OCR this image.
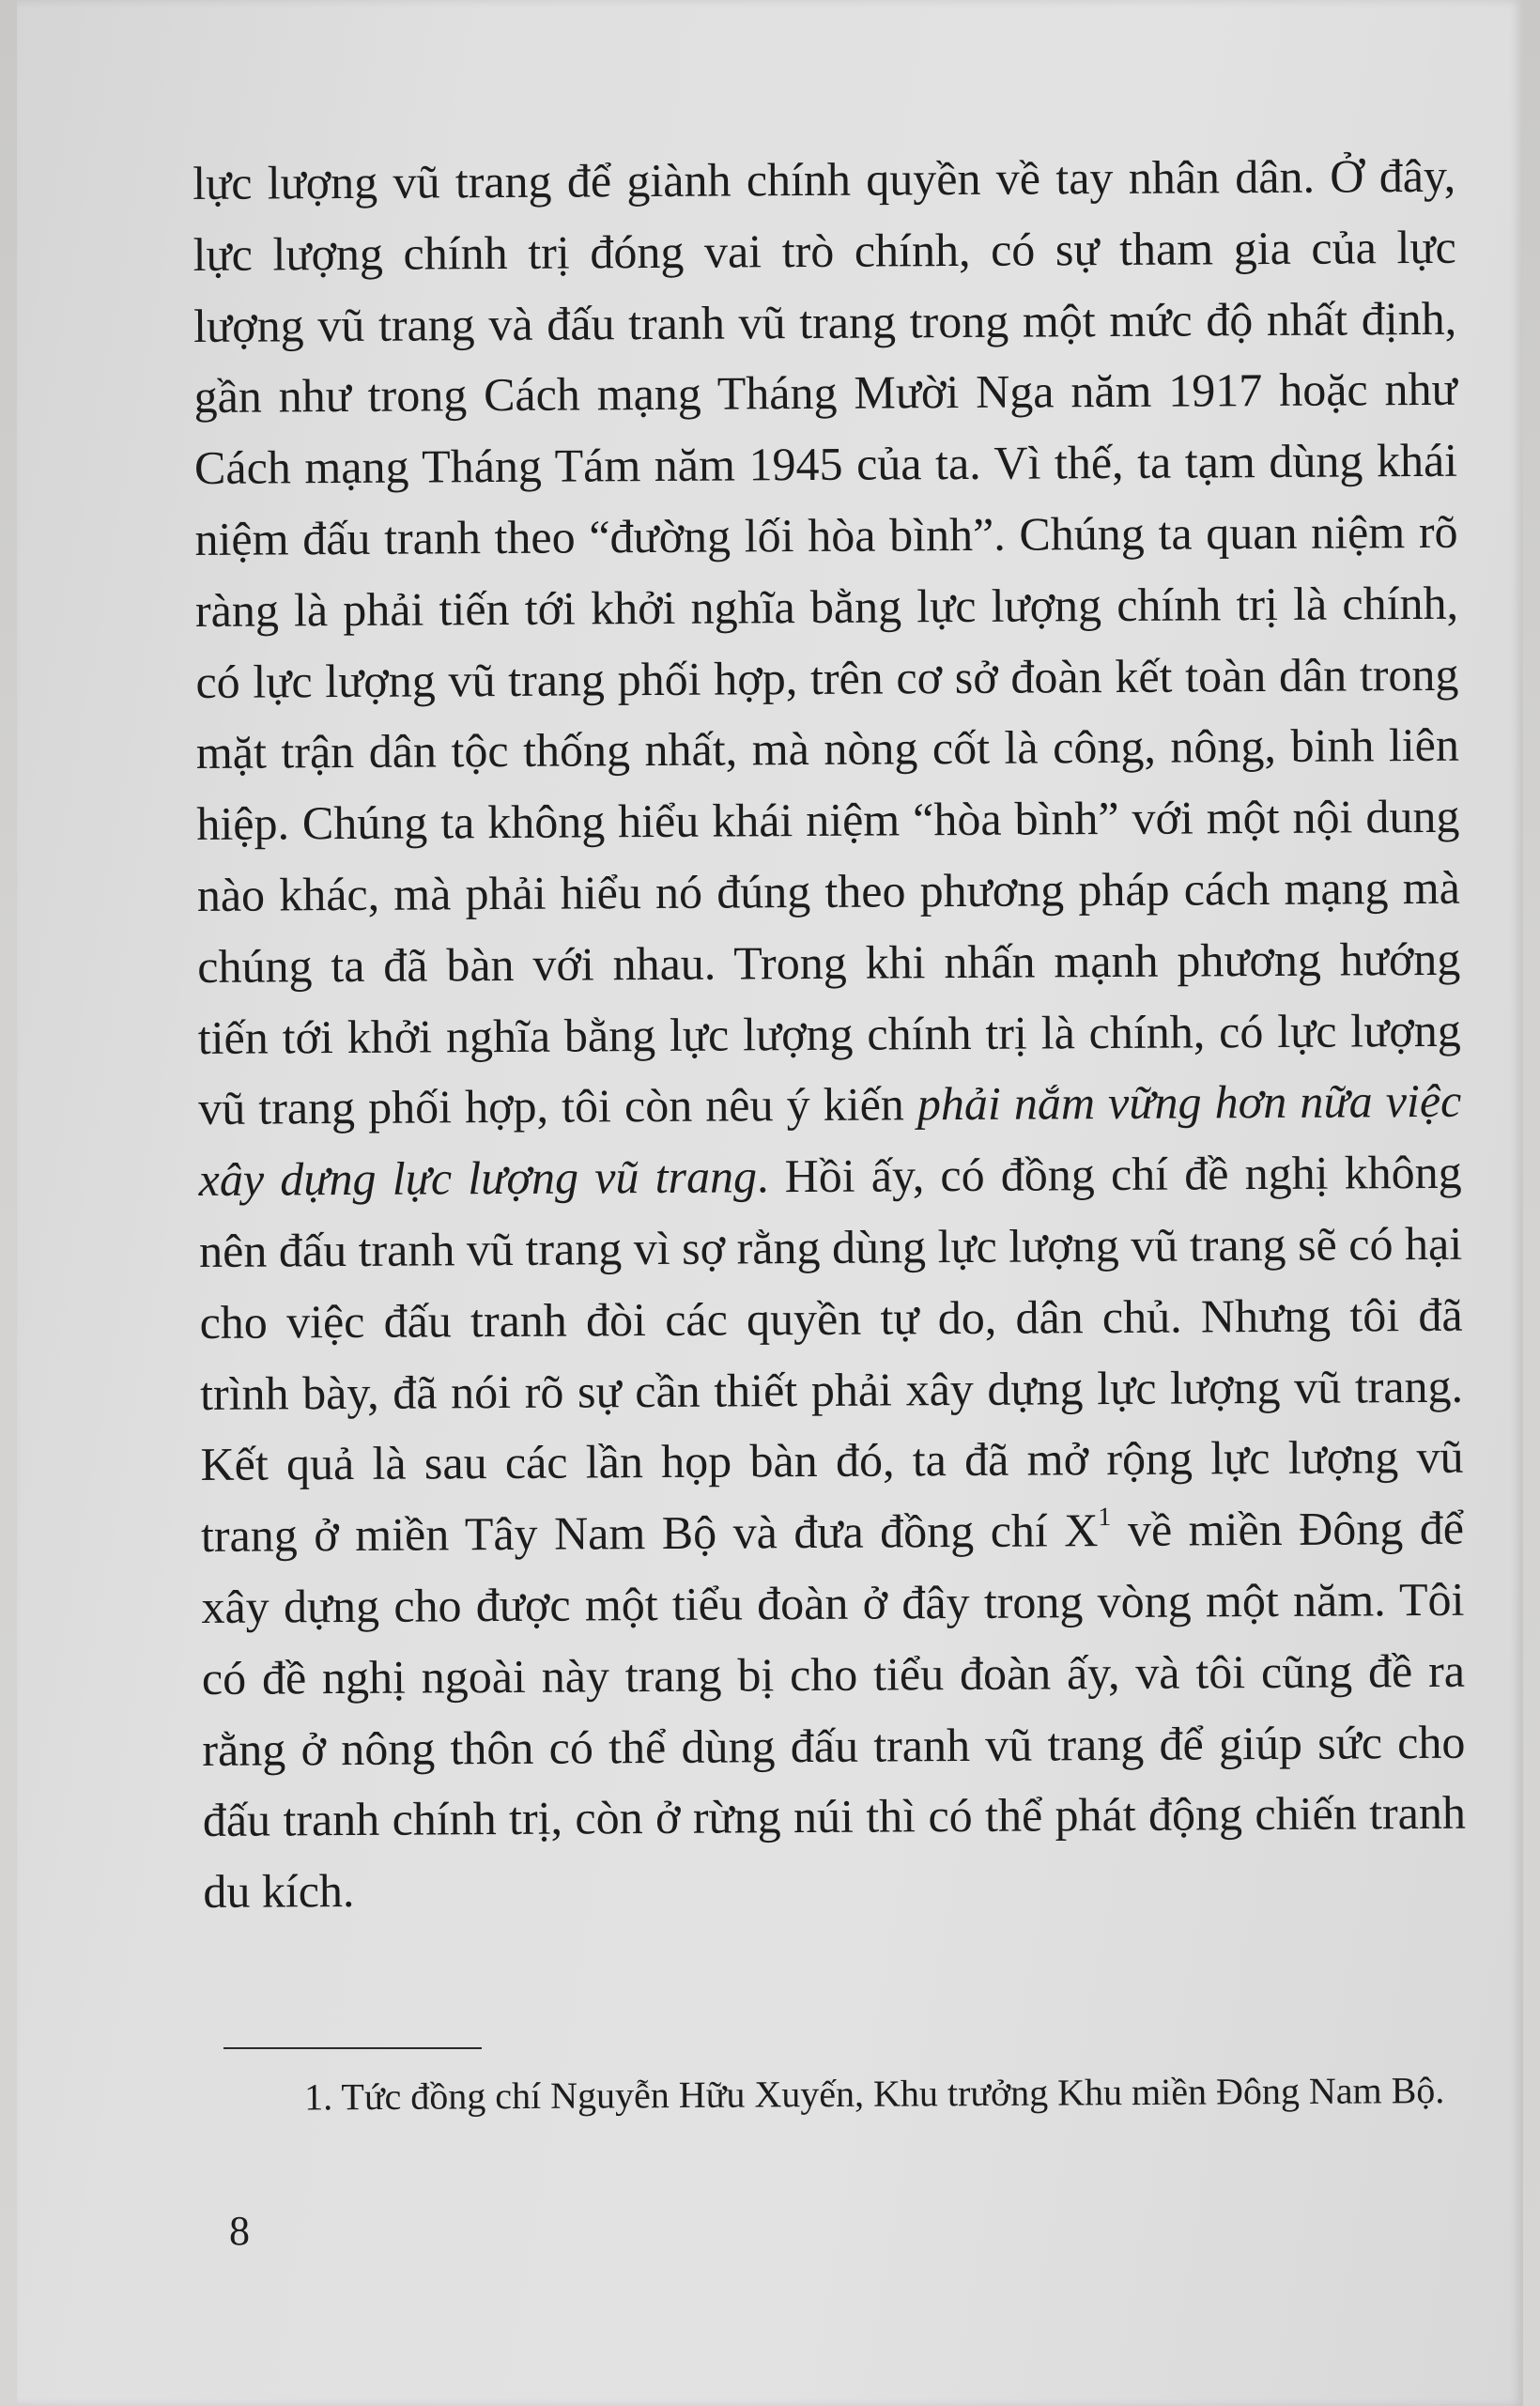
lực lượng vũ trang để giành chính quyền về tay nhân dân. Ở đây, lực lượng chính trị đóng vai trò chính, có sự tham gia của lực lượng vũ trang và đấu tranh vũ trang trong một mức độ nhất định, gần như trong Cách mạng Tháng Mười Nga năm 1917 hoặc như Cách mạng Tháng Tám năm 1945 của ta. Vì thế, ta tạm dùng khái niệm đấu tranh theo “đường lối hòa bình”. Chúng ta quan niệm rõ ràng là phải tiến tới khởi nghĩa bằng lực lượng chính trị là chính, có lực lượng vũ trang phối hợp, trên cơ sở đoàn kết toàn dân trong mặt trận dân tộc thống nhất, mà nòng cốt là công, nông, binh liên hiệp. Chúng ta không hiểu khái niệm “hòa bình” với một nội dung nào khác, mà phải hiểu nó đúng theo phương pháp cách mạng mà chúng ta đã bàn với nhau. Trong khi nhấn mạnh phương hướng tiến tới khởi nghĩa bằng lực lượng chính trị là chính, có lực lượng vũ trang phối hợp, tôi còn nêu ý kiến phải nắm vững hơn nữa việc xây dựng lực lượng vũ trang. Hồi ấy, có đồng chí đề nghị không nên đấu tranh vũ trang vì sợ rằng dùng lực lượng vũ trang sẽ có hại cho việc đấu tranh đòi các quyền tự do, dân chủ. Nhưng tôi đã trình bày, đã nói rõ sự cần thiết phải xây dựng lực lượng vũ trang. Kết quả là sau các lần họp bàn đó, ta đã mở rộng lực lượng vũ trang ở miền Tây Nam Bộ và đưa đồng chí $X^1$ về miền Đông để xây dựng cho được một tiểu đoàn ở đây trong vòng một năm. Tôi có đề nghị ngoài này trang bị cho tiểu đoàn ấy, và tôi cũng đề ra rằng ở nông thôn có thể dùng đấu tranh vũ trang để giúp sức cho đấu tranh chính trị, còn ở rừng núi thì có thể phát động chiến tranh du kích.

1. Tức đồng chí Nguyễn Hữu Xuyến, Khu trưởng Khu miền Đông Nam Bộ.
8
